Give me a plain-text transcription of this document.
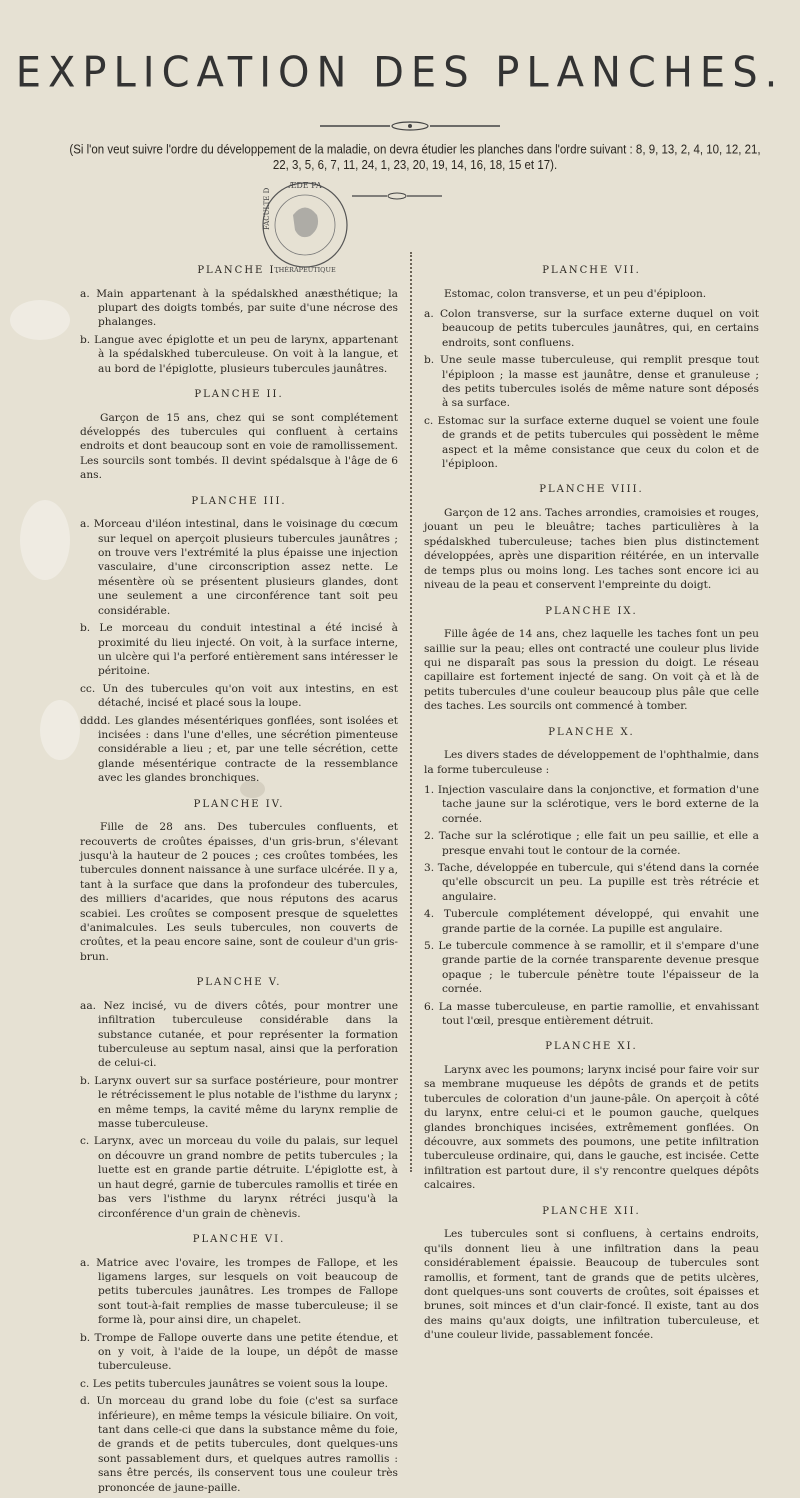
EXPLICATION DES PLANCHES.
(Si l'on veut suivre l'ordre du développement de la maladie, on devra étudier les planches dans l'ordre suivant : 8, 9, 13, 2, 4, 10, 12, 21, 22, 3, 5, 6, 7, 11, 24, 1, 23, 20, 19, 14, 16, 18, 15 et 17).
ÆDE PA
FACULTE D
THÉRAPEUTIQUE
PLANCHE I.
a. Main appartenant à la spédalskhed anæsthétique; la plupart des doigts tombés, par suite d'une nécrose des phalanges.
b. Langue avec épiglotte et un peu de larynx, appartenant à la spédalskhed tuberculeuse. On voit à la langue, et au bord de l'épiglotte, plusieurs tubercules jaunâtres.
PLANCHE II.
Garçon de 15 ans, chez qui se sont complétement développés des tubercules qui confluent à certains endroits et dont beaucoup sont en voie de ramollissement. Les sourcils sont tombés. Il devint spédalsque à l'âge de 6 ans.
PLANCHE III.
a. Morceau d'iléon intestinal, dans le voisinage du cœcum sur lequel on aperçoit plusieurs tubercules jaunâtres ; on trouve vers l'extrémité la plus épaisse une injection vasculaire, d'une circonscription assez nette. Le mésentère où se présentent plusieurs glandes, dont une seulement a une circonférence tant soit peu considérable.
b. Le morceau du conduit intestinal a été incisé à proximité du lieu injecté. On voit, à la surface interne, un ulcère qui l'a perforé entièrement sans intéresser le péritoine.
cc. Un des tubercules qu'on voit aux intestins, en est détaché, incisé et placé sous la loupe.
dddd. Les glandes mésentériques gonflées, sont isolées et incisées : dans l'une d'elles, une sécrétion pimenteuse considérable a lieu ; et, par une telle sécrétion, cette glande mésentérique contracte de la ressemblance avec les glandes bronchiques.
PLANCHE IV.
Fille de 28 ans. Des tubercules confluents, et recouverts de croûtes épaisses, d'un gris-brun, s'élevant jusqu'à la hauteur de 2 pouces ; ces croûtes tombées, les tubercules donnent naissance à une surface ulcérée. Il y a, tant à la surface que dans la profondeur des tubercules, des milliers d'acarides, que nous réputons des acarus scabiei. Les croûtes se composent presque de squelettes d'animalcules. Les seuls tubercules, non couverts de croûtes, et la peau encore saine, sont de couleur d'un gris-brun.
PLANCHE V.
aa. Nez incisé, vu de divers côtés, pour montrer une infiltration tuberculeuse considérable dans la substance cutanée, et pour représenter la formation tuberculeuse au septum nasal, ainsi que la perforation de celui-ci.
b. Larynx ouvert sur sa surface postérieure, pour montrer le rétrécissement le plus notable de l'isthme du larynx ; en même temps, la cavité même du larynx remplie de masse tuberculeuse.
c. Larynx, avec un morceau du voile du palais, sur lequel on découvre un grand nombre de petits tubercules ; la luette est en grande partie détruite. L'épiglotte est, à un haut degré, garnie de tubercules ramollis et tirée en bas vers l'isthme du larynx rétréci jusqu'à la circonférence d'un grain de chènevis.
PLANCHE VI.
a. Matrice avec l'ovaire, les trompes de Fallope, et les ligamens larges, sur lesquels on voit beaucoup de petits tubercules jaunâtres. Les trompes de Fallope sont tout-à-fait remplies de masse tuberculeuse; il se forme là, pour ainsi dire, un chapelet.
b. Trompe de Fallope ouverte dans une petite étendue, et on y voit, à l'aide de la loupe, un dépôt de masse tuberculeuse.
c. Les petits tubercules jaunâtres se voient sous la loupe.
d. Un morceau du grand lobe du foie (c'est sa surface inférieure), en même temps la vésicule biliaire. On voit, tant dans celle-ci que dans la substance même du foie, de grands et de petits tubercules, dont quelques-uns sont passablement durs, et quelques autres ramollis : sans être percés, ils conservent tous une couleur très prononcée de jaune-paille.
PLANCHE VII.
Estomac, colon transverse, et un peu d'épiploon.
a. Colon transverse, sur la surface externe duquel on voit beaucoup de petits tubercules jaunâtres, qui, en certains endroits, sont confluens.
b. Une seule masse tuberculeuse, qui remplit presque tout l'épiploon ; la masse est jaunâtre, dense et granuleuse ; des petits tubercules isolés de même nature sont déposés à sa surface.
c. Estomac sur la surface externe duquel se voient une foule de grands et de petits tubercules qui possèdent le même aspect et la même consistance que ceux du colon et de l'épiploon.
PLANCHE VIII.
Garçon de 12 ans. Taches arrondies, cramoisies et rouges, jouant un peu le bleuâtre; taches particulières à la spédalskhed tuberculeuse; taches bien plus distinctement développées, après une disparition réitérée, en un intervalle de temps plus ou moins long. Les taches sont encore ici au niveau de la peau et conservent l'empreinte du doigt.
PLANCHE IX.
Fille âgée de 14 ans, chez laquelle les taches font un peu saillie sur la peau; elles ont contracté une couleur plus livide qui ne disparaît pas sous la pression du doigt. Le réseau capillaire est fortement injecté de sang. On voit çà et là de petits tubercules d'une couleur beaucoup plus pâle que celle des taches. Les sourcils ont commencé à tomber.
PLANCHE X.
Les divers stades de développement de l'ophthalmie, dans la forme tuberculeuse :
1. Injection vasculaire dans la conjonctive, et formation d'une tache jaune sur la sclérotique, vers le bord externe de la cornée.
2. Tache sur la sclérotique ; elle fait un peu saillie, et elle a presque envahi tout le contour de la cornée.
3. Tache, développée en tubercule, qui s'étend dans la cornée qu'elle obscurcit un peu. La pupille est très rétrécie et angulaire.
4. Tubercule complétement développé, qui envahit une grande partie de la cornée. La pupille est angulaire.
5. Le tubercule commence à se ramollir, et il s'empare d'une grande partie de la cornée transparente devenue presque opaque ; le tubercule pénètre toute l'épaisseur de la cornée.
6. La masse tuberculeuse, en partie ramollie, et envahissant tout l'œil, presque entièrement détruit.
PLANCHE XI.
Larynx avec les poumons; larynx incisé pour faire voir sur sa membrane muqueuse les dépôts de grands et de petits tubercules de coloration d'un jaune-pâle. On aperçoit à côté du larynx, entre celui-ci et le poumon gauche, quelques glandes bronchiques incisées, extrêmement gonflées. On découvre, aux sommets des poumons, une petite infiltration tuberculeuse ordinaire, qui, dans le gauche, est incisée. Cette infiltration est partout dure, il s'y rencontre quelques dépôts calcaires.
PLANCHE XII.
Les tubercules sont si confluens, à certains endroits, qu'ils donnent lieu à une infiltration dans la peau considérablement épaissie. Beaucoup de tubercules sont ramollis, et forment, tant de grands que de petits ulcères, dont quelques-uns sont couverts de croûtes, soit épaisses et brunes, soit minces et d'un clair-foncé. Il existe, tant au dos des mains qu'aux doigts, une infiltration tuberculeuse, et d'une couleur livide, passablement foncée.
